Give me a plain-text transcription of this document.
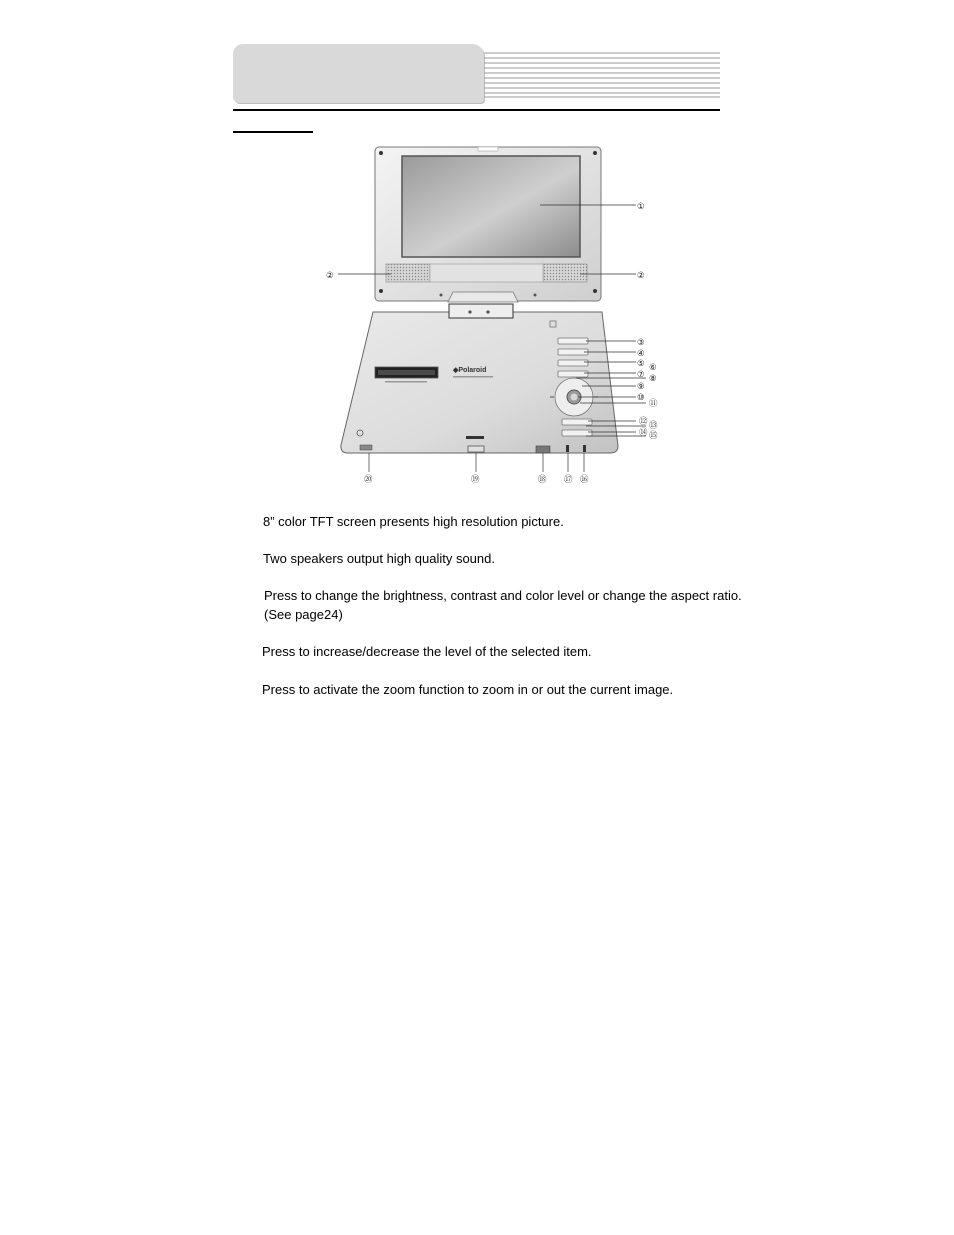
◆Polaroid
①
②	②
③
④
⑤ ⑥
⑦ ⑧
⑨
⑩
⑪
⑫ ⑬
⑭ ⑮
⑯
⑰
⑱
⑲
⑳

8” color TFT screen presents high resolution picture.

Two speakers output high quality sound.

Press to change the brightness, contrast and color level or change the aspect ratio.

(See page24)

Press to increase/decrease the level of the selected item.

Press to activate the zoom function to zoom in or out the current image.
